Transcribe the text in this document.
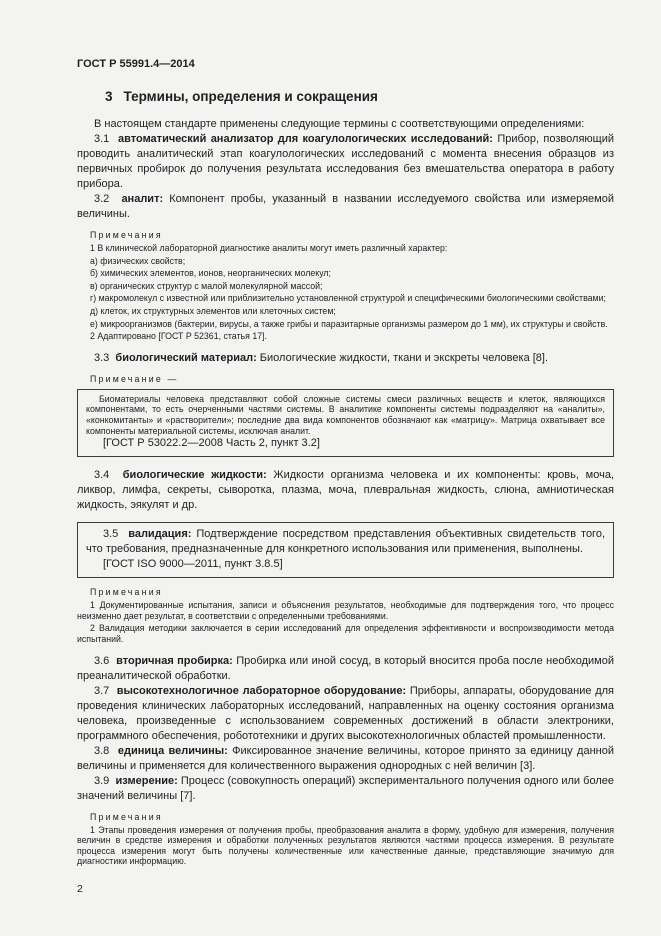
ГОСТ Р 55991.4—2014

3 Термины, определения и сокращения

В настоящем стандарте применены следующие термины с соответствующими определениями:

3.1  автоматический анализатор для коагулологических исследований: Прибор, позволяющий проводить аналитический этап коагулологических исследований с момента внесения образцов из первичных пробирок до получения результата исследования без вмешательства оператора в работу прибора.

3.2  аналит: Компонент пробы, указанный в названии исследуемого свойства или измеряемой величины.

Примечания

1 В клинической лабораторной диагностике аналиты могут иметь различный характер:

а) физических свойств;

б) химических элементов, ионов, неорганических молекул;

в) органических структур с малой молекулярной массой;

г) макромолекул с известной или приблизительно установленной структурой и специфическими биологическими свойствами;

д) клеток, их структурных элементов или клеточных систем;

е) микроорганизмов (бактерии, вирусы, а также грибы и паразитарные организмы размером до 1 мм), их структуры и свойств.

2 Адаптировано [ГОСТ Р 52361, статья 17].

3.3  биологический материал: Биологические жидкости, ткани и экскреты человека [8].

Примечание —

Биоматериалы человека представляют собой сложные системы смеси различных веществ и клеток, являющихся компонентами, то есть очерченными частями системы. В аналитике компоненты системы подразделяют на «аналиты», «конкомитанты» и «растворители»; последние два вида компонентов обозначают как «матрицу». Матрица охватывает все компоненты материальной системы, исключая аналит.

[ГОСТ Р 53022.2—2008 Часть 2, пункт 3.2]

3.4  биологические жидкости: Жидкости организма человека и их компоненты: кровь, моча, ликвор, лимфа, секреты, сыворотка, плазма, моча, плевральная жидкость, слюна, амниотическая жидкость, эякулят и др.

3.5  валидация: Подтверждение посредством представления объективных свидетельств того, что требования, предназначенные для конкретного использования или применения, выполнены.

[ГОСТ ISO 9000—2011, пункт 3.8.5]

Примечания

1 Документированные испытания, записи и объяснения результатов, необходимые для подтверждения того, что процесс неизменно дает результат, в соответствии с определенными требованиями.

2 Валидация методики заключается в серии исследований для определения эффективности и воспроизводимости метода испытаний.

3.6  вторичная пробирка: Пробирка или иной сосуд, в который вносится проба после необходимой преаналитической обработки.

3.7  высокотехнологичное лабораторное оборудование: Приборы, аппараты, оборудование для проведения клинических лабораторных исследований, направленных на оценку состояния организма человека, произведенные с использованием современных достижений в области электроники, программного обеспечения, робототехники и других высокотехнологичных областей промышленности.

3.8  единица величины: Фиксированное значение величины, которое принято за единицу данной величины и применяется для количественного выражения однородных с ней величин [3].

3.9  измерение: Процесс (совокупность операций) экспериментального получения одного или более значений величины [7].

Примечания

1 Этапы проведения измерения от получения пробы, преобразования аналита в форму, удобную для измерения, получения величин в средстве измерения и обработки полученных результатов являются частями процесса измерения. В результате процесса измерения могут быть получены количественные или качественные данные, представляющие значимую для диагностики информацию.

2
